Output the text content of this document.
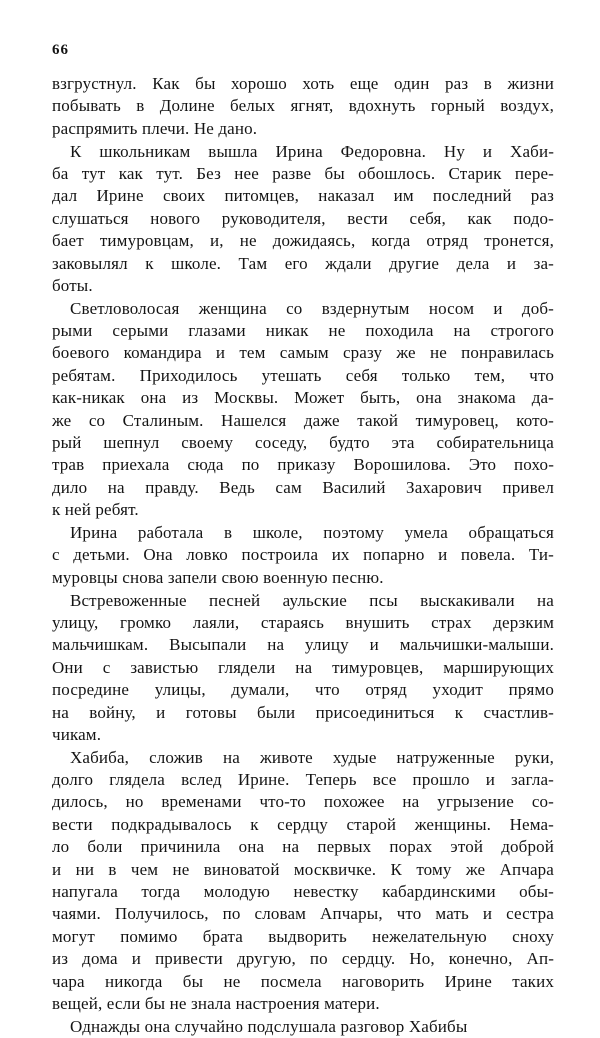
66
взгрустнул. Как бы хорошо хоть еще один раз в жизни
побывать в Долине белых ягнят, вдохнуть горный воздух,
распрямить плечи. Не дано.
К школьникам вышла Ирина Федоровна. Ну и Хаби-
ба тут как тут. Без нее разве бы обошлось. Старик пере-
дал Ирине своих питомцев, наказал им последний раз
слушаться нового руководителя, вести себя, как подо-
бает тимуровцам, и, не дожидаясь, когда отряд тронется,
заковылял к школе. Там его ждали другие дела и за-
боты.
Светловолосая женщина со вздернутым носом и доб-
рыми серыми глазами никак не походила на строгого
боевого командира и тем самым сразу же не понравилась
ребятам. Приходилось утешать себя только тем, что
как-никак она из Москвы. Может быть, она знакома да-
же со Сталиным. Нашелся даже такой тимуровец, кото-
рый шепнул своему соседу, будто эта собирательница
трав приехала сюда по приказу Ворошилова. Это похо-
дило на правду. Ведь сам Василий Захарович привел
к ней ребят.
Ирина работала в школе, поэтому умела обращаться
с детьми. Она ловко построила их попарно и повела. Ти-
муровцы снова запели свою военную песню.
Встревоженные песней аульские псы выскакивали на
улицу, громко лаяли, стараясь внушить страх дерзким
мальчишкам. Высыпали на улицу и мальчишки-малыши.
Они с завистью глядели на тимуровцев, марширующих
посредине улицы, думали, что отряд уходит прямо
на войну, и готовы были присоединиться к счастлив-
чикам.
Хабиба, сложив на животе худые натруженные руки,
долго глядела вслед Ирине. Теперь все прошло и загла-
дилось, но временами что-то похожее на угрызение со-
вести подкрадывалось к сердцу старой женщины. Нема-
ло боли причинила она на первых порах этой доброй
и ни в чем не виноватой москвичке. К тому же Апчара
напугала тогда молодую невестку кабардинскими обы-
чаями. Получилось, по словам Апчары, что мать и сестра
могут помимо брата выдворить нежелательную сноху
из дома и привести другую, по сердцу. Но, конечно, Ап-
чара никогда бы не посмела наговорить Ирине таких
вещей, если бы не знала настроения матери.
Однажды она случайно подслушала разговор Хабибы
